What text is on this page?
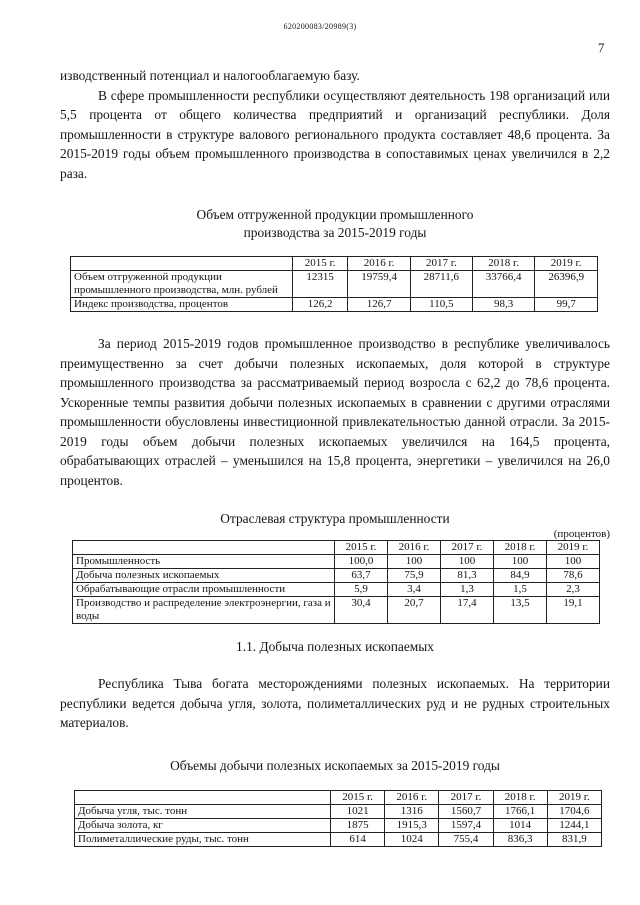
620200083/20989(3)
7

изводственный потенциал и налогооблагаемую базу.

В сфере промышленности республики осуществляют деятельность 198 организаций или 5,5 процента от общего количества предприятий и организаций республики. Доля промышленности в структуре валового регионального продукта составляет 48,6 процента. За 2015-2019 годы объем промышленного производства в сопоставимых ценах увеличился в 2,2 раза.

Объем отгруженной продукции промышленного
производства за 2015-2019 годы
	2015 г.	2016 г.	2017 г.	2018 г.	2019 г.
Объем отгруженной продукции промышленного производства, млн. рублей	12315	19759,4	28711,6	33766,4	26396,9
Индекс производства, процентов	126,2	126,7	110,5	98,3	99,7

За период 2015-2019 годов промышленное производство в республике увеличивалось преимущественно за счет добычи полезных ископаемых, доля которой в структуре промышленного производства за рассматриваемый период возросла с 62,2 до 78,6 процента. Ускоренные темпы развития добычи полезных ископаемых в сравнении с другими отраслями промышленности обусловлены инвестиционной привлекательностью данной отрасли. За 2015-2019 годы объем добычи полезных ископаемых увеличился на 164,5 процента, обрабатывающих отраслей – уменьшился на 15,8 процента, энергетики – увеличился на 26,0 процентов.

Отраслевая структура промышленности
(процентов)
	2015 г.	2016 г.	2017 г.	2018 г.	2019 г.
Промышленность	100,0	100	100	100	100
Добыча полезных ископаемых	63,7	75,9	81,3	84,9	78,6
Обрабатывающие отрасли промышленности	5,9	3,4	1,3	1,5	2,3
Производство и распределение электроэнергии, газа и воды	30,4	20,7	17,4	13,5	19,1
1.1. Добыча полезных ископаемых

Республика Тыва богата месторождениями полезных ископаемых. На территории республики ведется добыча угля, золота, полиметаллических руд и не рудных строительных материалов.

Объемы добычи полезных ископаемых за 2015-2019 годы
	2015 г.	2016 г.	2017 г.	2018 г.	2019 г.
Добыча угля, тыс. тонн	1021	1316	1560,7	1766,1	1704,6
Добыча золота, кг	1875	1915,3	1597,4	1014	1244,1
Полиметаллические руды, тыс. тонн	614	1024	755,4	836,3	831,9
